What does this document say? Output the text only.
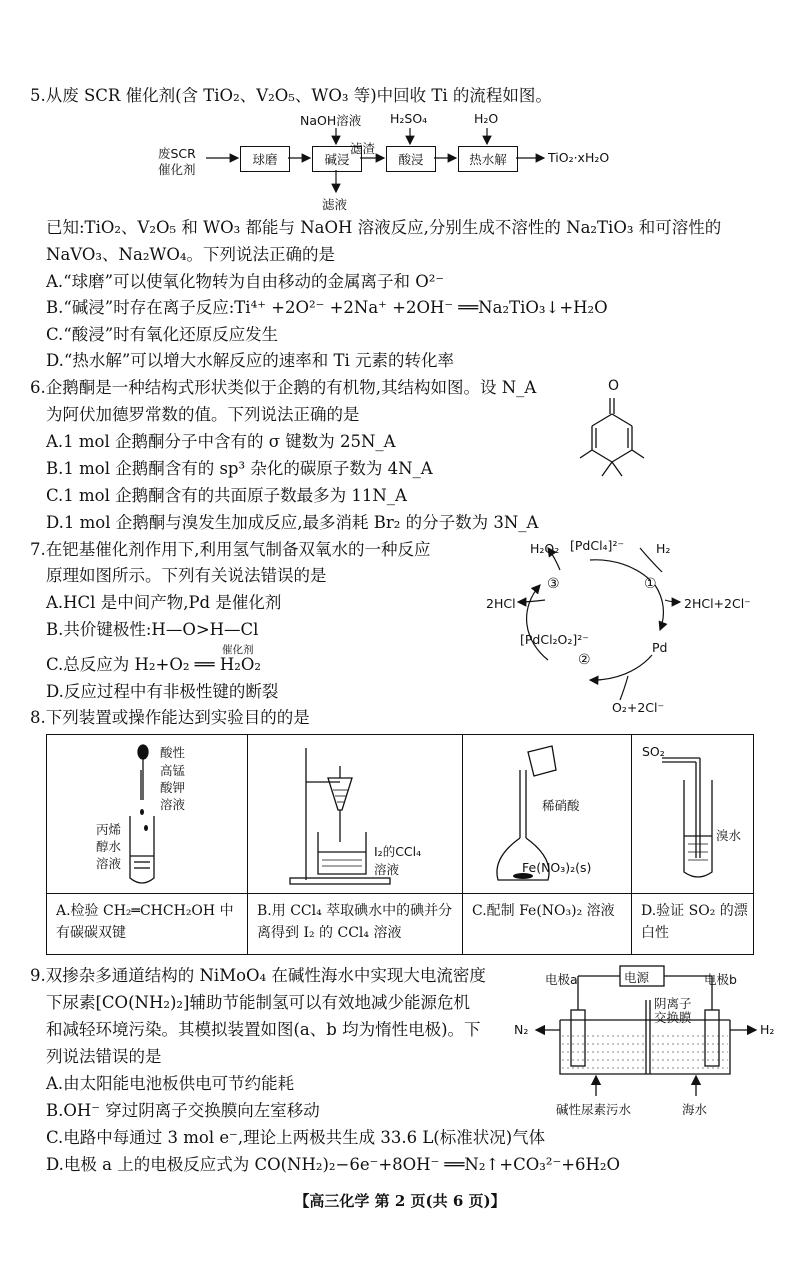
5.从废 SCR 催化剂(含 TiO₂、V₂O₅、WO₃ 等)中回收 Ti 的流程如图。
废SCR催化剂
球磨	碱浸	酸浸	热水解
NaOH溶液 H₂SO₄	H₂O
滤渣
滤液
TiO₂·xH₂O
已知:TiO₂、V₂O₅ 和 WO₃ 都能与 NaOH 溶液反应,分别生成不溶性的 Na₂TiO₃ 和可溶性的
NaVO₃、Na₂WO₄。下列说法正确的是
A.“球磨”可以使氧化物转为自由移动的金属离子和 O²⁻
B.“碱浸”时存在离子反应:Ti⁴⁺ +2O²⁻ +2Na⁺ +2OH⁻ ══Na₂TiO₃↓+H₂O
C.“酸浸”时有氧化还原反应发生
D.“热水解”可以增大水解反应的速率和 Ti 元素的转化率
6.企鹅酮是一种结构式形状类似于企鹅的有机物,其结构如图。设 N_A
为阿伏加德罗常数的值。下列说法正确的是
A.1 mol 企鹅酮分子中含有的 σ 键数为 25N_A
B.1 mol 企鹅酮含有的 sp³ 杂化的碳原子数为 4N_A
C.1 mol 企鹅酮含有的共面原子数最多为 11N_A
D.1 mol 企鹅酮与溴发生加成反应,最多消耗 Br₂ 的分子数为 3N_A
O
7.在钯基催化剂作用下,利用氢气制备双氧水的一种反应
原理如图所示。下列有关说法错误的是
A.HCl 是中间产物,Pd 是催化剂
B.共价键极性:H—O>H—Cl
C.总反应为 H₂+O₂ ══ H₂O₂
催化剂
D.反应过程中有非极性键的断裂
H₂O₂ [PdCl₄]²⁻	H₂
2HCl	2HCl+2Cl⁻
[PdCl₂O₂]²⁻
Pd
O₂+2Cl⁻
③	①
②
8.下列装置或操作能达到实验目的的是
A.检验 CH₂═CHCH₂OH 中有碳碳双键
B.用 CCl₄ 萃取碘水中的碘并分离得到 I₂ 的 CCl₄ 溶液
C.配制 Fe(NO₃)₂ 溶液	D.验证 SO₂ 的漂白性
酸性
高锰
酸钾
溶液
丙烯
醇水
溶液
I₂的CCl₄
溶液
稀硝酸
Fe(NO₃)₂(s)
SO₂
溴水
9.双掺杂多通道结构的 NiMoO₄ 在碱性海水中实现大电流密度
下尿素[CO(NH₂)₂]辅助节能制氢可以有效地减少能源危机
和减轻环境污染。其模拟装置如图(a、b 均为惰性电极)。下
列说法错误的是
A.由太阳能电池板供电可节约能耗
B.OH⁻ 穿过阴离子交换膜向左室移动
C.电路中每通过 3 mol e⁻,理论上两极共生成 33.6 L(标准状况)气体
D.电极 a 上的电极反应式为 CO(NH₂)₂−6e⁻+8OH⁻ ══N₂↑+CO₃²⁻+6H₂O
电源
电极a	电极b
阴离子
交换膜
N₂	H₂
碱性尿素污水	海水
【高三化学 第 2 页(共 6 页)】
